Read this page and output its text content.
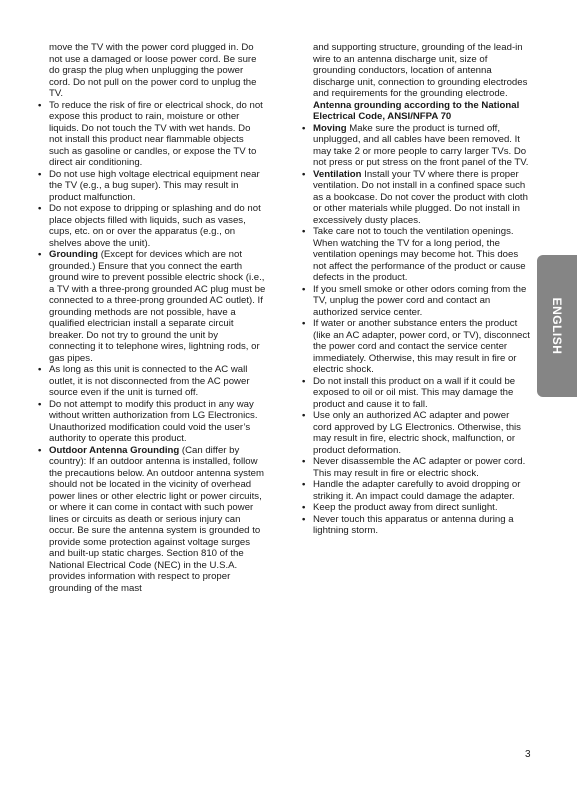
move the TV with the power cord plugged in. Do not use a damaged or loose power cord. Be sure do grasp the plug when unplugging the power cord. Do not pull on the power cord to unplug the TV.

• To reduce the risk of fire or electrical shock, do not expose this product to rain, moisture or other liquids. Do not touch the TV with wet hands. Do not install this product near flammable objects such as gasoline or candles, or expose the TV to direct air conditioning.
• Do not use high voltage electrical equipment near the TV (e.g., a bug super). This may result in product malfunction.
• Do not expose to dripping or splashing and do not place objects filled with liquids, such as vases, cups, etc. on or over the apparatus (e.g., on shelves above the unit).
• Grounding (Except for devices which are not grounded.) Ensure that you connect the earth ground wire to prevent possible electric shock (i.e., a TV with a three-prong grounded AC plug must be connected to a three-prong grounded AC outlet). If grounding methods are not possible, have a qualified electrician install a separate circuit breaker. Do not try to ground the unit by connecting it to telephone wires, lightning rods, or gas pipes.
• As long as this unit is connected to the AC wall outlet, it is not disconnected from the AC power source even if the unit is turned off.
• Do not attempt to modify this product in any way without written authorization from LG Electronics. Unauthorized modification could void the user’s authority to operate this product.
• Outdoor Antenna Grounding (Can differ by country): If an outdoor antenna is installed, follow the precautions below. An outdoor antenna system should not be located in the vicinity of overhead power lines or other electric light or power circuits, or where it can come in contact with such power lines or circuits as death or serious injury can occur. Be sure the antenna system is grounded to provide some protection against voltage surges and built-up static charges. Section 810 of the National Electrical Code (NEC) in the U.S.A. provides information with respect to proper grounding of the mast

and supporting structure, grounding of the lead-in wire to an antenna discharge unit, size of grounding conductors, location of antenna discharge unit, connection to grounding electrodes and requirements for the grounding electrode. Antenna grounding according to the National Electrical Code, ANSI/NFPA 70

• Moving Make sure the product is turned off, unplugged, and all cables have been removed. It may take 2 or more people to carry larger TVs. Do not press or put stress on the front panel of the TV.
• Ventilation Install your TV where there is proper ventilation. Do not install in a confined space such as a bookcase. Do not cover the product with cloth or other materials while plugged. Do not install in excessively dusty places.
• Take care not to touch the ventilation openings. When watching the TV for a long period, the ventilation openings may become hot. This does not affect the performance of the product or cause defects in the product.
• If you smell smoke or other odors coming from the TV, unplug the power cord and contact an authorized service center.
• If water or another substance enters the product (like an AC adapter, power cord, or TV), disconnect the power cord and contact the service center immediately. Otherwise, this may result in fire or electric shock.
• Do not install this product on a wall if it could be exposed to oil or oil mist. This may damage the product and cause it to fall.
• Use only an authorized AC adapter and power cord approved by LG Electronics. Otherwise, this may result in fire, electric shock, malfunction, or product deformation.
• Never disassemble the AC adapter or power cord. This may result in fire or electric shock.
• Handle the adapter carefully to avoid dropping or striking it. An impact could damage the adapter.
• Keep the product away from direct sunlight.
• Never touch this apparatus or antenna during a lightning storm.
ENGLISH
3
